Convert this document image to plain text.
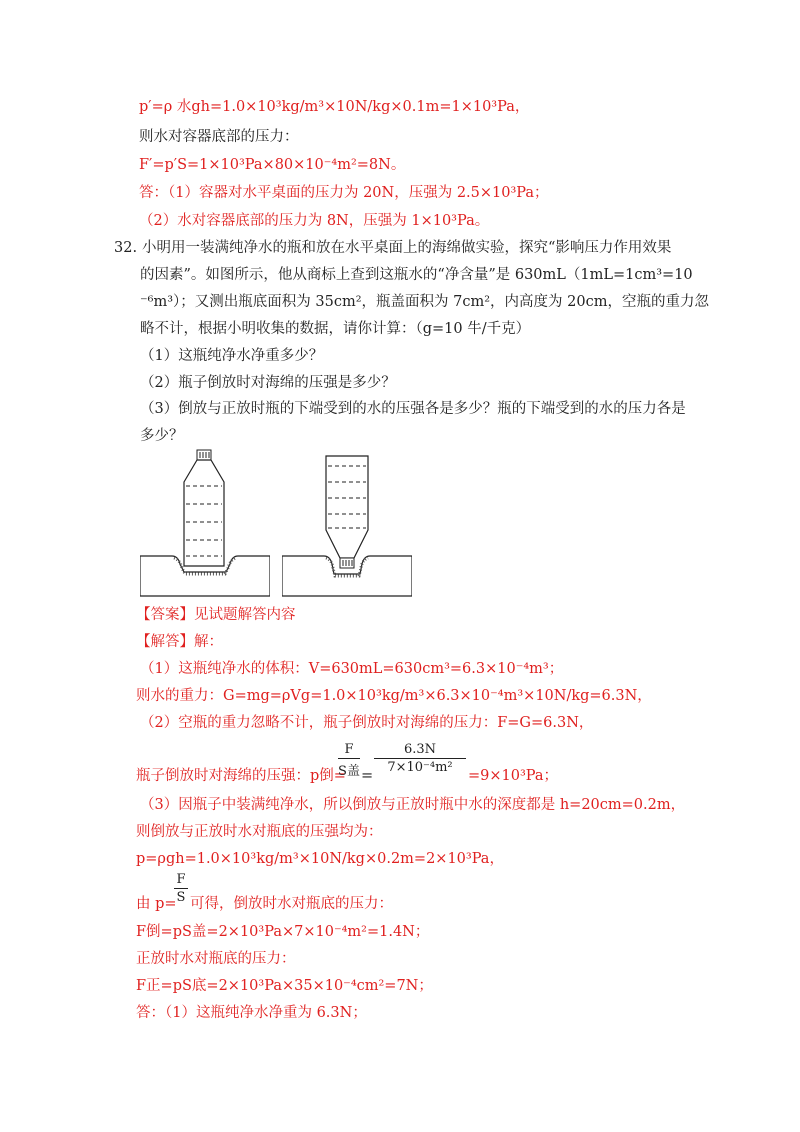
p′=ρ 水gh=1.0×10³kg/m³×10N/kg×0.1m=1×10³Pa，
则水对容器底部的压力：
F′=p′S=1×10³Pa×80×10⁻⁴m²=8N。
答：（1）容器对水平桌面的压力为 20N，压强为 2.5×10³Pa；
（2）水对容器底部的压力为 8N，压强为 1×10³Pa。
32. 小明用一装满纯净水的瓶和放在水平桌面上的海绵做实验，探究“影响压力作用效果
的因素”。如图所示，他从商标上查到这瓶水的“净含量”是 630mL（1mL=1cm³=10
⁻⁶m³）；又测出瓶底面积为 35cm²，瓶盖面积为 7cm²，内高度为 20cm，空瓶的重力忽
略不计，根据小明收集的数据，请你计算：（g=10 牛/千克）
（1）这瓶纯净水净重多少？
（2）瓶子倒放时对海绵的压强是多少？
（3）倒放与正放时瓶的下端受到的水的压强各是多少？瓶的下端受到的水的压力各是
多少？
【答案】见试题解答内容
【解答】解：
（1）这瓶纯净水的体积：V=630mL=630cm³=6.3×10⁻⁴m³；
则水的重力：G=mg=ρVg=1.0×10³kg/m³×6.3×10⁻⁴m³×10N/kg=6.3N，
（2）空瓶的重力忽略不计，瓶子倒放时对海绵的压力：F=G=6.3N，
瓶子倒放时对海绵的压强：p倒=
F
S盖 =
6.3N
7×10⁻⁴m²
=9×10³Pa；
（3）因瓶子中装满纯净水，所以倒放与正放时瓶中水的深度都是 h=20cm=0.2m，
则倒放与正放时水对瓶底的压强均为：
p=ρgh=1.0×10³kg/m³×10N/kg×0.2m=2×10³Pa，
由 p=
F
S 可得，倒放时水对瓶底的压力：
F倒=pS盖=2×10³Pa×7×10⁻⁴m²=1.4N；
正放时水对瓶底的压力：
F正=pS底=2×10³Pa×35×10⁻⁴cm²=7N；
答：（1）这瓶纯净水净重为 6.3N；
